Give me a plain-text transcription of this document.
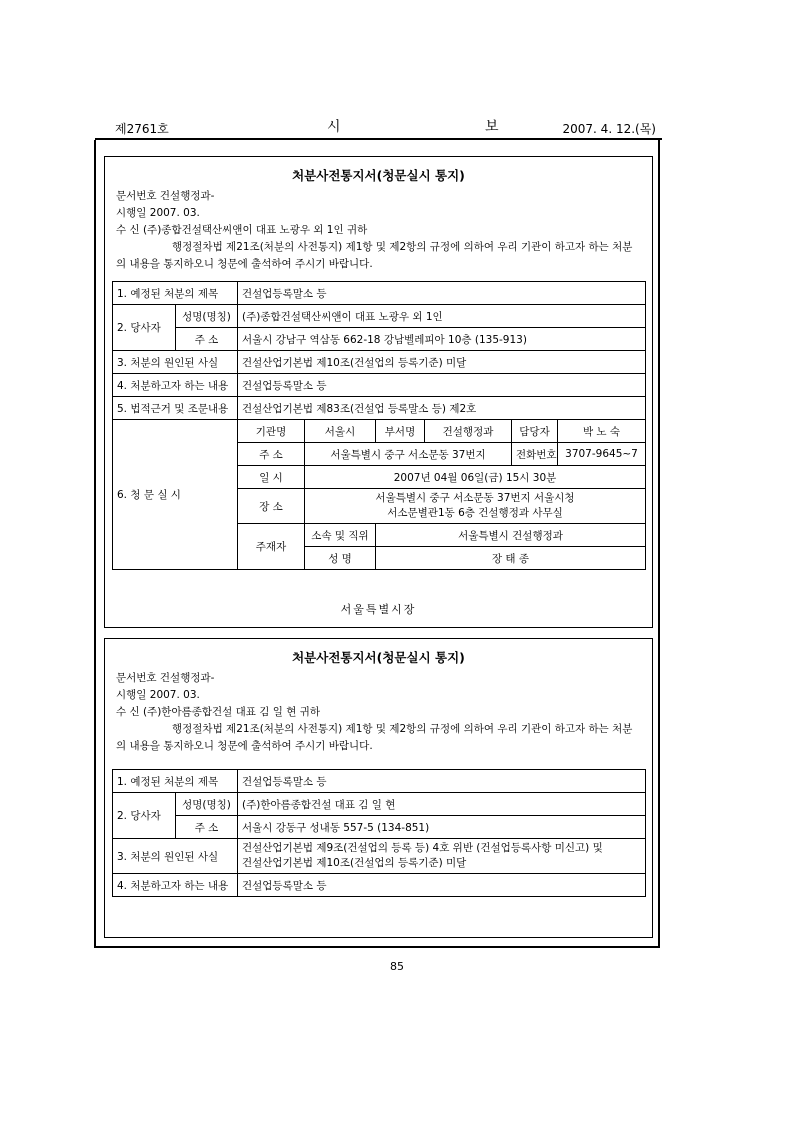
제2761호	시 보
2007. 4. 12.(목)
처분사전통지서(청문실시 통지)
문서번호 건설행정과-
시행일 2007. 03.
수 신 (주)종합건설택산씨앤이 대표 노광우 외 1인 귀하
행정절차법 제21조(처분의 사전통지) 제1항 및 제2항의 규정에 의하여 우리 기관이 하고자 하는 처분
의 내용을 통지하오니 청문에 출석하여 주시기 바랍니다.
1. 예정된 처분의 제목		건설업등록말소 등					
2. 당사자	성명(명칭)	(주)종합건설택산씨앤이 대표 노광우 외 1인					
	주 소	서울시 강남구 역삼동 662-18 강남벨레피아 10층 (135-913)					
3. 처분의 원인된 사실		건설산업기본법 제10조(건설업의 등록기준) 미달					
4. 처분하고자 하는 내용		건설업등록말소 등					
5. 법적근거 및 조문내용		건설산업기본법 제83조(건설업 등록말소 등) 제2호					
6. 청 문 실 시		기관명	서울시	부서명	건설행정과	담당자	박 노 숙
		주 소	서울특별시 중구 서소문동 37번지			전화번호	3707-9645~7
		일 시	2007년 04월 06일(금) 15시 30분				
		장 소	서울특별시 중구 서소문동 37번지 서울시청
서소문별관1동 6층 건설행정과 사무실				

		주재자	소속 및 직위	서울특별시 건설행정과			
			성 명	장 태 종			
서울특별시장
처분사전통지서(청문실시 통지)
문서번호 건설행정과-
시행일 2007. 03.
수 신 (주)한아름종합건설 대표 김 일 현 귀하
행정절차법 제21조(처분의 사전통지) 제1항 및 제2항의 규정에 의하여 우리 기관이 하고자 하는 처분
의 내용을 통지하오니 청문에 출석하여 주시기 바랍니다.
1. 예정된 처분의 제목		건설업등록말소 등
2. 당사자	성명(명칭)	(주)한아름종합건설 대표 김 일 현
	주 소	서울시 강동구 성내동 557-5 (134-851)
3. 처분의 원인된 사실		건설산업기본법 제9조(건설업의 등록 등) 4호 위반 (건설업등록사항 미신고) 및
건설산업기본법 제10조(건설업의 등록기준) 미달

4. 처분하고자 하는 내용		건설업등록말소 등
85
